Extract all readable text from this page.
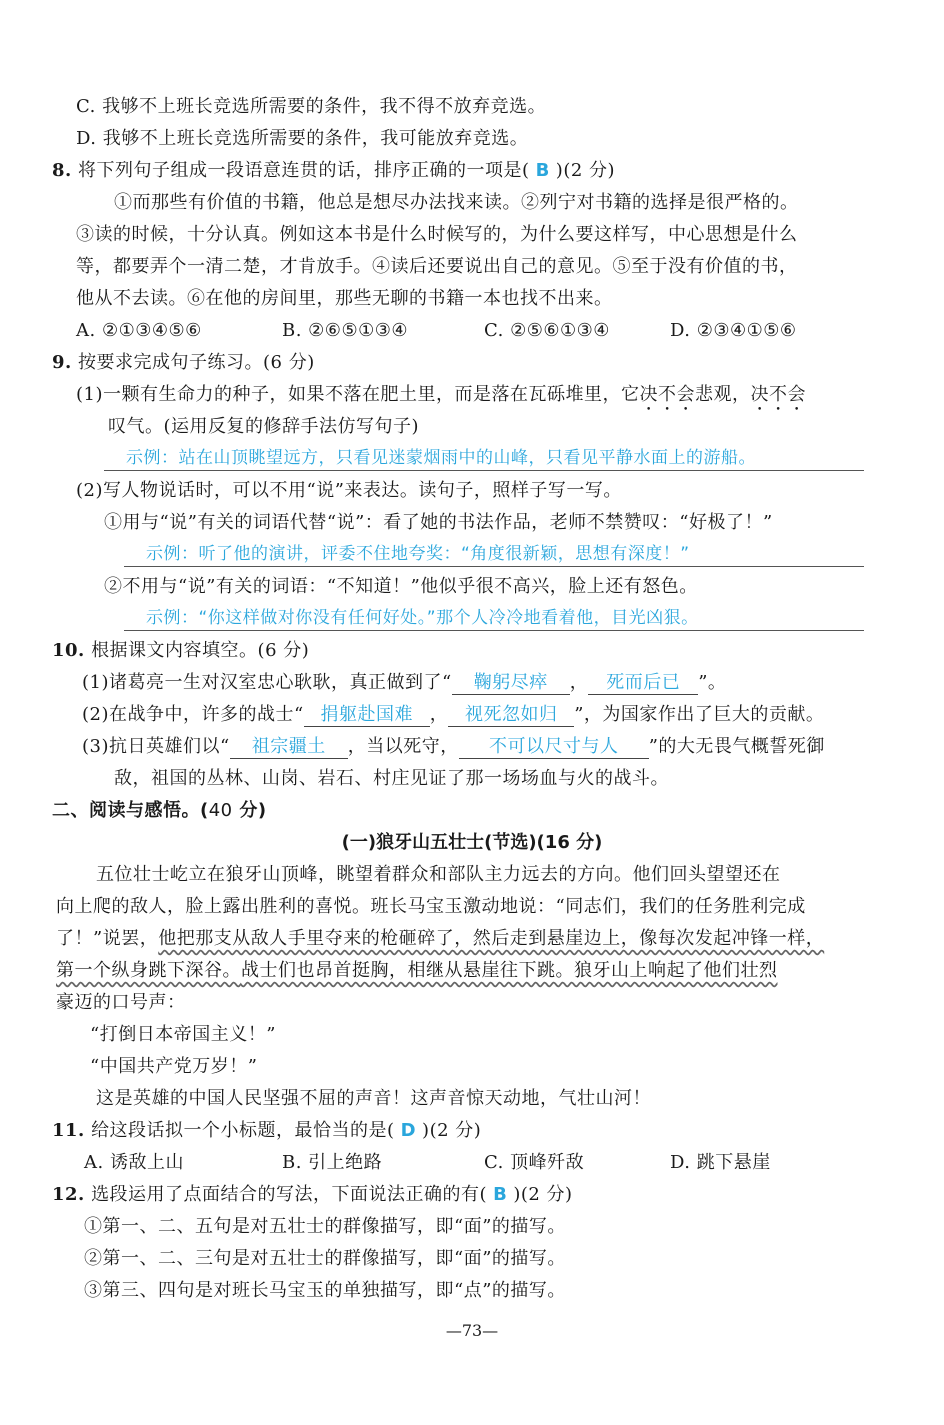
C. 我够不上班长竞选所需要的条件，我不得不放弃竞选。
D. 我够不上班长竞选所需要的条件，我可能放弃竞选。
8. 将下列句子组成一段语意连贯的话，排序正确的一项是( B )(2 分)
①而那些有价值的书籍，他总是想尽办法找来读。②列宁对书籍的选择是很严格的。
③读的时候，十分认真。例如这本书是什么时候写的，为什么要这样写，中心思想是什么
等，都要弄个一清二楚，才肯放手。④读后还要说出自己的意见。⑤至于没有价值的书，
他从不去读。⑥在他的房间里，那些无聊的书籍一本也找不出来。
A. ②①③④⑤⑥	B. ②⑥⑤①③④	C. ②⑤⑥①③④	D. ②③④①⑤⑥
9. 按要求完成句子练习。(6 分)
(1)一颗有生命力的种子，如果不落在肥土里，而是落在瓦砾堆里，它决不会悲观，决不会
叹气。(运用反复的修辞手法仿写句子)
示例：站在山顶眺望远方，只看见迷蒙烟雨中的山峰，只看见平静水面上的游船。
(2)写人物说话时，可以不用“说”来表达。读句子，照样子写一写。
①用与“说”有关的词语代替“说”：看了她的书法作品，老师不禁赞叹：“好极了！”
示例：听了他的演讲，评委不住地夸奖：“角度很新颖，思想有深度！”
②不用与“说”有关的词语：“不知道！”他似乎很不高兴，脸上还有怒色。
示例：“你这样做对你没有任何好处。”那个人冷冷地看着他，目光凶狠。
10. 根据课文内容填空。(6 分)
(1)诸葛亮一生对汉室忠心耿耿，真正做到了“ 鞠躬尽瘁 ， 死而后已 ”。
(2)在战争中，许多的战士“ 捐躯赴国难 ， 视死忽如归 ”，为国家作出了巨大的贡献。
(3)抗日英雄们以“ 祖宗疆土 ，当以死守， 不可以尺寸与人 ”的大无畏气概誓死御
敌，祖国的丛林、山岗、岩石、村庄见证了那一场场血与火的战斗。
二、阅读与感悟。(40 分)
(一)狼牙山五壮士(节选)(16 分)
五位壮士屹立在狼牙山顶峰，眺望着群众和部队主力远去的方向。他们回头望望还在
向上爬的敌人，脸上露出胜利的喜悦。班长马宝玉激动地说：“同志们，我们的任务胜利完成
了！”说罢，他把那支从敌人手里夺来的枪砸碎了，然后走到悬崖边上，像每次发起冲锋一样，
第一个纵身跳下深谷。战士们也昂首挺胸，相继从悬崖往下跳。狼牙山上响起了他们壮烈
豪迈的口号声：
“打倒日本帝国主义！”
“中国共产党万岁！”
这是英雄的中国人民坚强不屈的声音！这声音惊天动地，气壮山河！
11. 给这段话拟一个小标题，最恰当的是( D )(2 分)
A. 诱敌上山	B. 引上绝路	C. 顶峰歼敌	D. 跳下悬崖
12. 选段运用了点面结合的写法，下面说法正确的有( B )(2 分)
①第一、二、五句是对五壮士的群像描写，即“面”的描写。
②第一、二、三句是对五壮士的群像描写，即“面”的描写。
③第三、四句是对班长马宝玉的单独描写，即“点”的描写。
—73—
